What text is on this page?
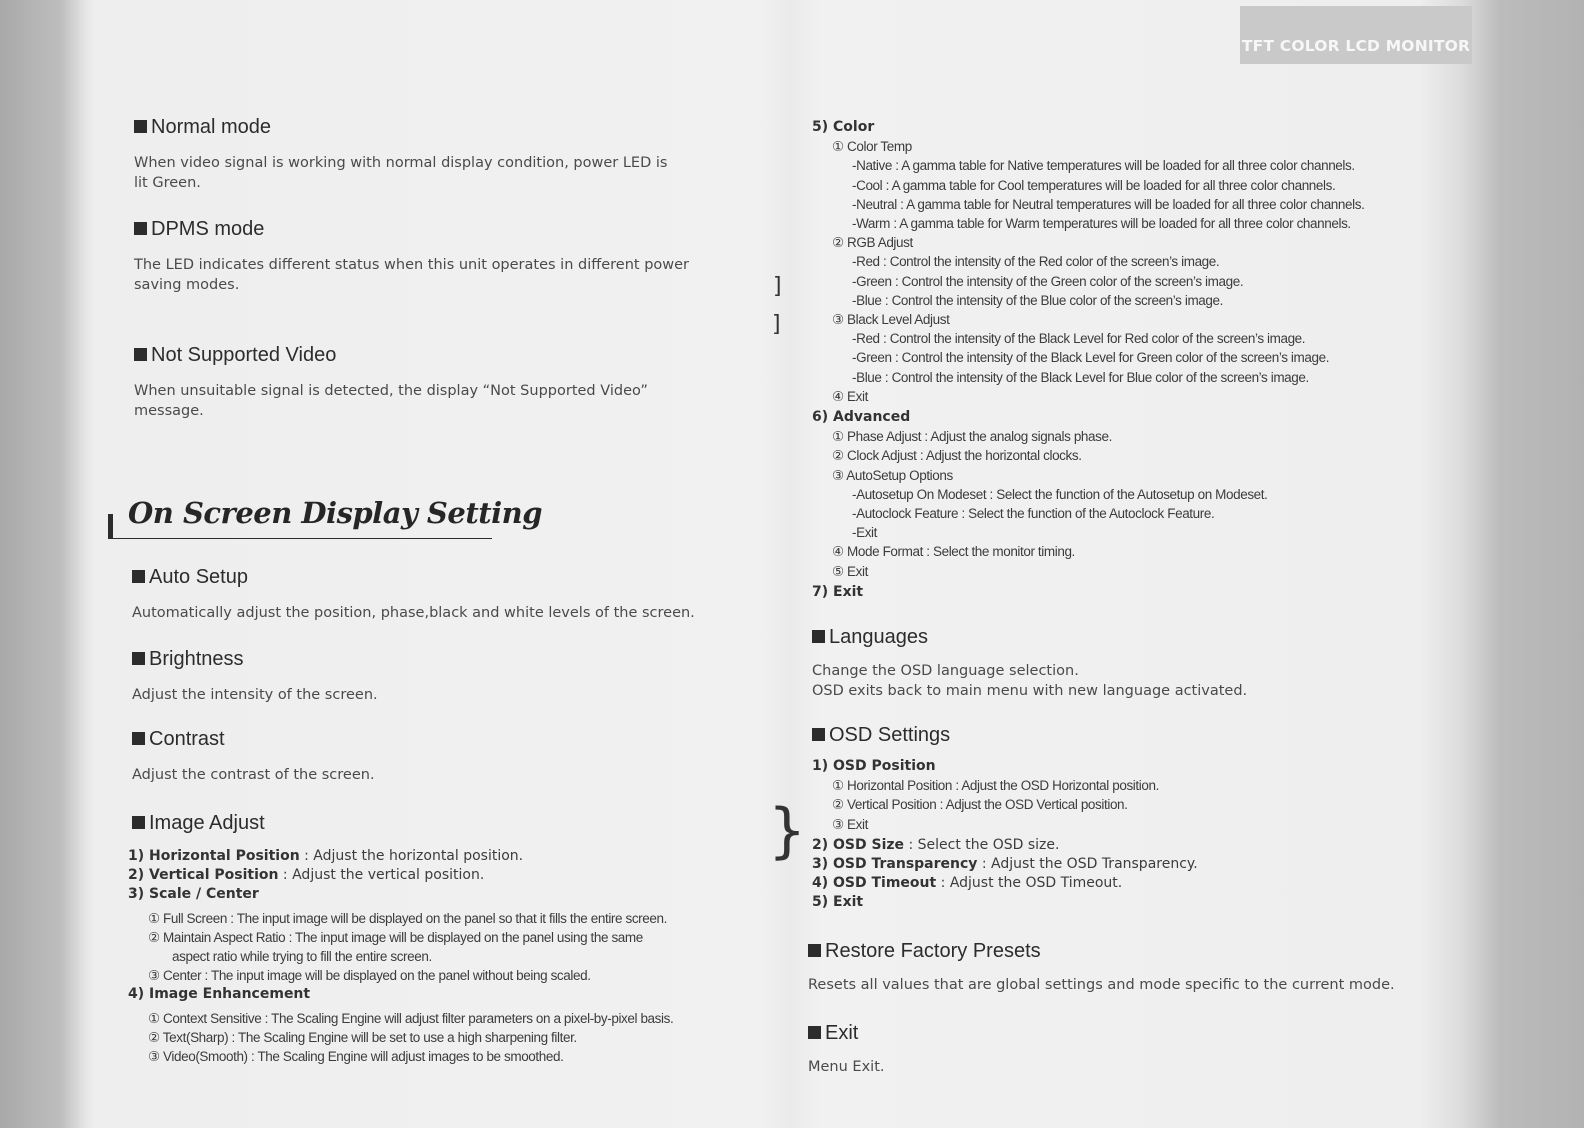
TFT COLOR LCD MONITOR

Normal mode

When video signal is working with normal display condition, power LED is lit Green.

DPMS mode

The LED indicates different status when this unit operates in different power saving modes.

Not Supported Video

When unsuitable signal is detected, the display “Not Supported Video” message.

Auto Setup

Automatically adjust the position, phase,black and white levels of the screen.

Brightness

Adjust the intensity of the screen.

Contrast

Adjust the contrast of the screen.

Image Adjust

1) Horizontal Position : Adjust the horizontal position.

2) Vertical Position : Adjust the vertical position.

3) Scale / Center

① Full Screen : The input image will be displayed on the panel so that it fills the entire screen.

② Maintain Aspect Ratio : The input image will be displayed on the panel using the same

aspect ratio while trying to fill the entire screen.

③ Center : The input image will be displayed on the panel without being scaled.

4) Image Enhancement

① Context Sensitive : The Scaling Engine will adjust filter parameters on a pixel-by-pixel basis.

② Text(Sharp) : The Scaling Engine will be set to use a high sharpening filter.

③ Video(Smooth) : The Scaling Engine will adjust images to be smoothed.

On Screen Display Setting
]
]
}

5) Color

① Color Temp

-Native : A gamma table for Native temperatures will be loaded for all three color channels.

-Cool : A gamma table for Cool temperatures will be loaded for all three color channels.

-Neutral : A gamma table for Neutral temperatures will be loaded for all three color channels.

-Warm : A gamma table for Warm temperatures will be loaded for all three color channels.

② RGB Adjust

-Red : Control the intensity of the Red color of the screen’s image.

-Green : Control the intensity of the Green color of the screen’s image.

-Blue : Control the intensity of the Blue color of the screen’s image.

③ Black Level Adjust

-Red : Control the intensity of the Black Level for Red color of the screen’s image.

-Green : Control the intensity of the Black Level for Green color of the screen’s image.

-Blue : Control the intensity of the Black Level for Blue color of the screen’s image.

④ Exit

6) Advanced

① Phase Adjust : Adjust the analog signals phase.

② Clock Adjust : Adjust the horizontal clocks.

③ AutoSetup Options

-Autosetup On Modeset : Select the function of the Autosetup on Modeset.

-Autoclock Feature : Select the function of the Autoclock Feature.

-Exit

④ Mode Format : Select the monitor timing.

⑤ Exit

7) Exit

Languages

Change the OSD language selection.

OSD exits back to main menu with new language activated.

OSD Settings

1) OSD Position

① Horizontal Position : Adjust the OSD Horizontal position.

② Vertical Position : Adjust the OSD Vertical position.

③ Exit

2) OSD Size : Select the OSD size.

3) OSD Transparency : Adjust the OSD Transparency.

4) OSD Timeout : Adjust the OSD Timeout.

5) Exit

Restore Factory Presets

Resets all values that are global settings and mode specific to the current mode.

Exit

Menu Exit.
